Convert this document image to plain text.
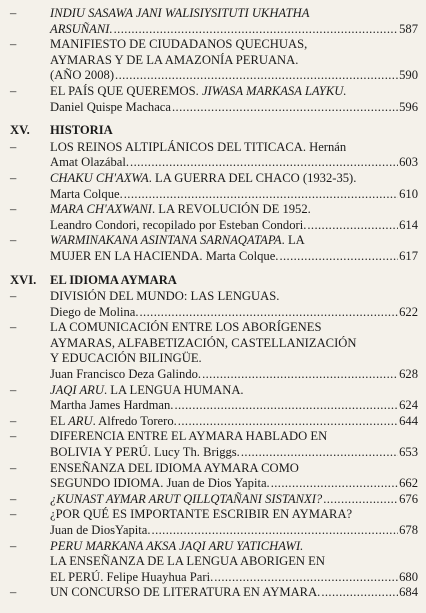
–	INDIU SASAWA JANI WALISIYSITUTI UKHATHA
ARSUÑANI. .....	587
–	MANIFIESTO DE CIUDADANOS QUECHUAS,
AYMARAS Y DE LA AMAZONÍA PERUANA.
(AÑO 2008) .....	590
–	EL PAÍS QUE QUEREMOS. JIWASA MARKASA LAYKU.
Daniel Quispe Machaca .....	596
XV.	HISTORIA
–	LOS REINOS ALTIPLÁNICOS DEL TITICACA. Hernán
Amat Olazábal. .....	603
–	CHAKU CH'AXWA. LA GUERRA DEL CHACO (1932-35).
Marta Colque. .....	610
–	MARA CH'AXWANI. LA REVOLUCIÓN DE 1952.
Leandro Condori, recopilado por Esteban Condori. .....	614
–	WARMINAKANA ASINTANA SARNAQATAPA. LA
MUJER EN LA HACIENDA. Marta Colque. .....	617
XVI.	EL IDIOMA AYMARA
–	DIVISIÓN DEL MUNDO: LAS LENGUAS.
Diego de Molina. .....	622
–	LA COMUNICACIÓN ENTRE LOS ABORÍGENES
AYMARAS, ALFABETIZACIÓN, CASTELLANIZACIÓN
Y EDUCACIÓN BILINGÜE.
Juan Francisco Deza Galindo. .....	628
–	JAQI ARU. LA LENGUA HUMANA.
Martha James Hardman. .....	624
–	EL ARU. Alfredo Torero. .....	644
–	DIFERENCIA ENTRE EL AYMARA HABLADO EN
BOLIVIA Y PERÚ. Lucy Th. Briggs. .....	653
–	ENSEÑANZA DEL IDIOMA AYMARA COMO
SEGUNDO IDIOMA. Juan de Dios Yapita. .....	662
–	¿KUNAST AYMAR ARUT QILLQTAÑANI SISTANXI? .....	676
–	¿POR QUÉ ES IMPORTANTE ESCRIBIR EN AYMARA?
Juan de DiosYapita. .....	678
–	PERU MARKANA AKSA JAQI ARU YATICHAWI.
LA ENSEÑANZA DE LA LENGUA ABORIGEN EN
EL PERÚ. Felipe Huayhua Pari. .....	680
–	UN CONCURSO DE LITERATURA EN AYMARA. .....	684
